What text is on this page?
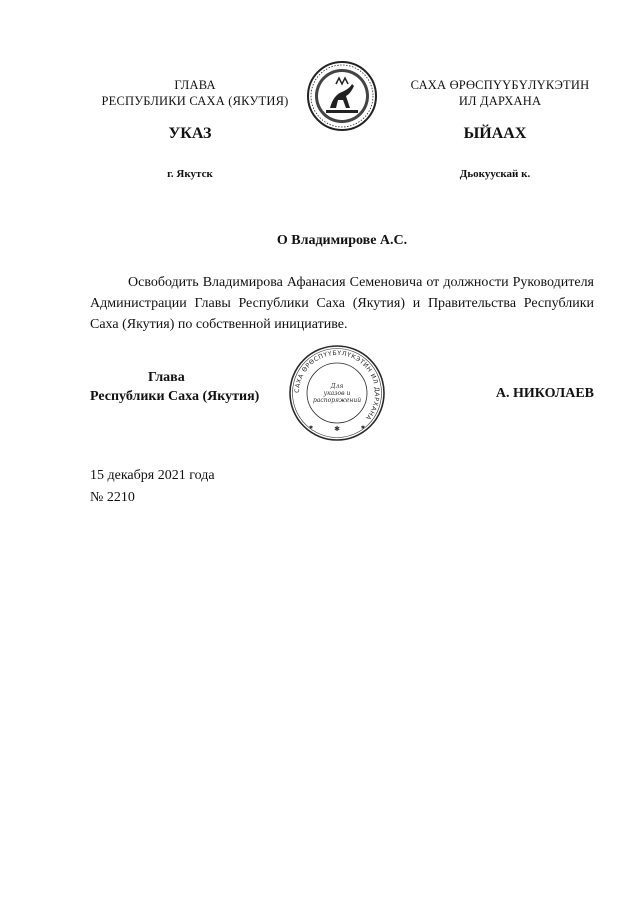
ГЛАВА
РЕСПУБЛИКИ САХА (ЯКУТИЯ)
САХА ӨРӨСПҮҮБҮЛҮКЭТИН
ИЛ ДАРХАНА
УКАЗ	ЫЙААХ
г. Якутск	Дьокуускай к.
О Владимирове А.С.
Освободить Владимирова Афанасия Семеновича от должности Руководителя Администрации Главы Республики Саха (Якутия) и Правительства Республики Саха (Якутия) по собственной инициативе.
Глава
Республики Саха (Якутия)	САХА ӨРӨСПҮҮБҮЛҮКЭТИН ИЛ ДАРХАНА
Для
указов и
распоряжений
✱
✱	✱
А. НИКОЛАЕВ
15 декабря 2021 года
№ 2210
